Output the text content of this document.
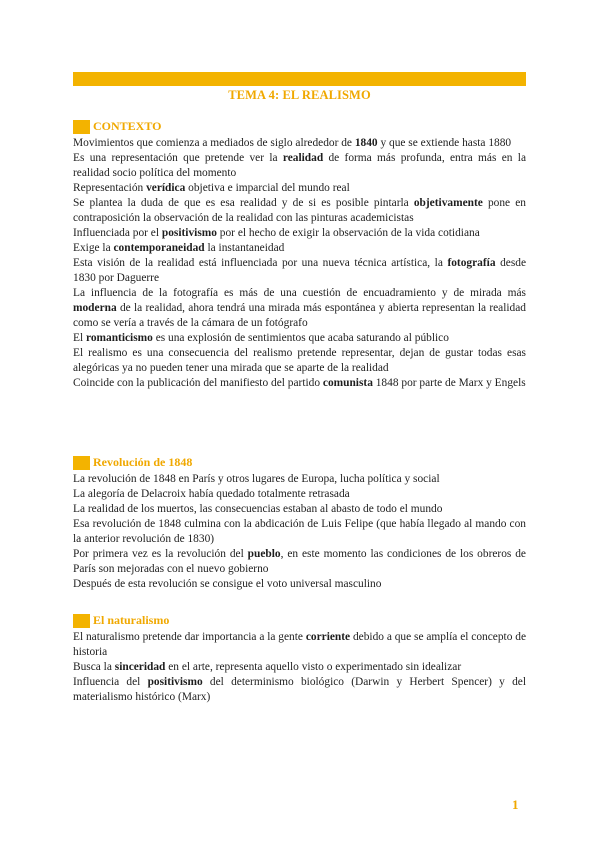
TEMA 4: EL REALISMO
CONTEXTO

Movimientos que comienza a mediados de siglo alrededor de 1840 y que se extiende hasta 1880

Es una representación que pretende ver la realidad de forma más profunda, entra más en la realidad socio política del momento

Representación verídica objetiva e imparcial del mundo real

Se plantea la duda de que es esa realidad y de si es posible pintarla objetivamente pone en contraposición la observación de la realidad con las pinturas academicistas

Influenciada por el positivismo por el hecho de exigir la observación de la vida cotidiana

Exige la contemporaneidad la instantaneidad

Esta visión de la realidad está influenciada por una nueva técnica artística, la fotografía desde 1830 por Daguerre

La influencia de la fotografía es más de una cuestión de encuadramiento y de mirada más moderna de la realidad, ahora tendrá una mirada más espontánea y abierta representan la realidad como se vería a través de la cámara de un fotógrafo

El romanticismo es una explosión de sentimientos que acaba saturando al público

El realismo es una consecuencia del realismo pretende representar, dejan de gustar todas esas alegóricas ya no pueden tener una mirada que se aparte de la realidad

Coincide con la publicación del manifiesto del partido comunista 1848 por parte de Marx y Engels

Revolución de 1848

La revolución de 1848 en París y otros lugares de Europa, lucha política y social

La alegoría de Delacroix había quedado totalmente retrasada

La realidad de los muertos, las consecuencias estaban al abasto de todo el mundo

Esa revolución de 1848 culmina con la abdicación de Luis Felipe (que había llegado al mando con la anterior revolución de 1830)

Por primera vez es la revolución del pueblo, en este momento las condiciones de los obreros de París son mejoradas con el nuevo gobierno

Después de esta revolución se consigue el voto universal masculino

El naturalismo

El naturalismo pretende dar importancia a la gente corriente debido a que se amplía el concepto de historia

Busca la sinceridad en el arte, representa aquello visto o experimentado sin idealizar

Influencia del positivismo del determinismo biológico (Darwin y Herbert Spencer) y del materialismo histórico (Marx)

1
